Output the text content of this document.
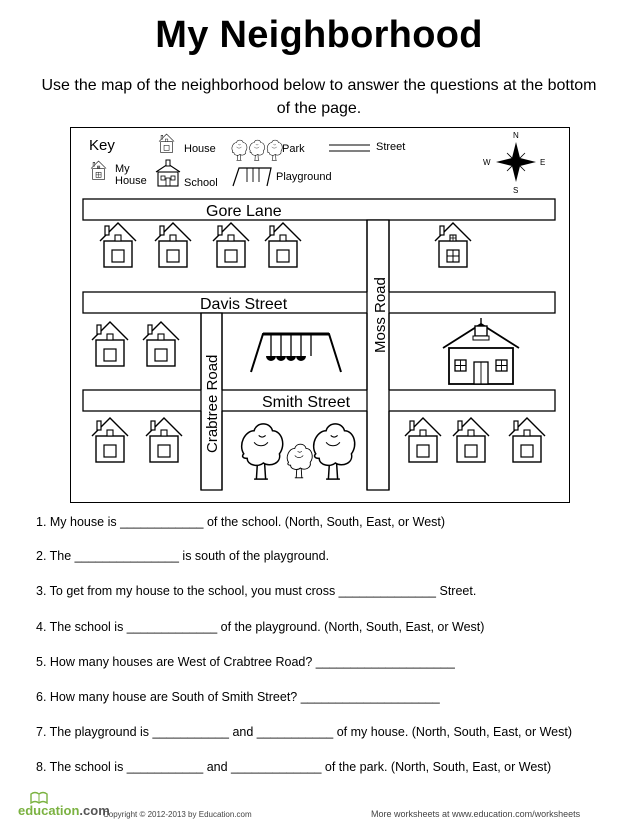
My Neighborhood
Use the map of the neighborhood below to answer the questions at the bottom of the page.
Key	House
My House	School
Park
Playground
Street
N
S
E
W
Gore Lane
Davis Street
Smith Street
Moss Road
Crabtree Road
1. My house is ____________ of the school. (North, South, East, or West)
2. The _______________ is south of the playground.
3. To get from my house to the school, you must cross ______________ Street.
4. The school is _____________ of the playground. (North, South, East, or West)
5. How many houses are West of Crabtree Road? ____________________
6. How many house are South of Smith Street? ____________________
7. The playground is ___________ and ___________ of my house. (North, South, East, or West)
8. The school is ___________ and _____________ of the park. (North, South, East, or West)
education.com
Copyright © 2012-2013 by Education.com	More worksheets at www.education.com/worksheets
